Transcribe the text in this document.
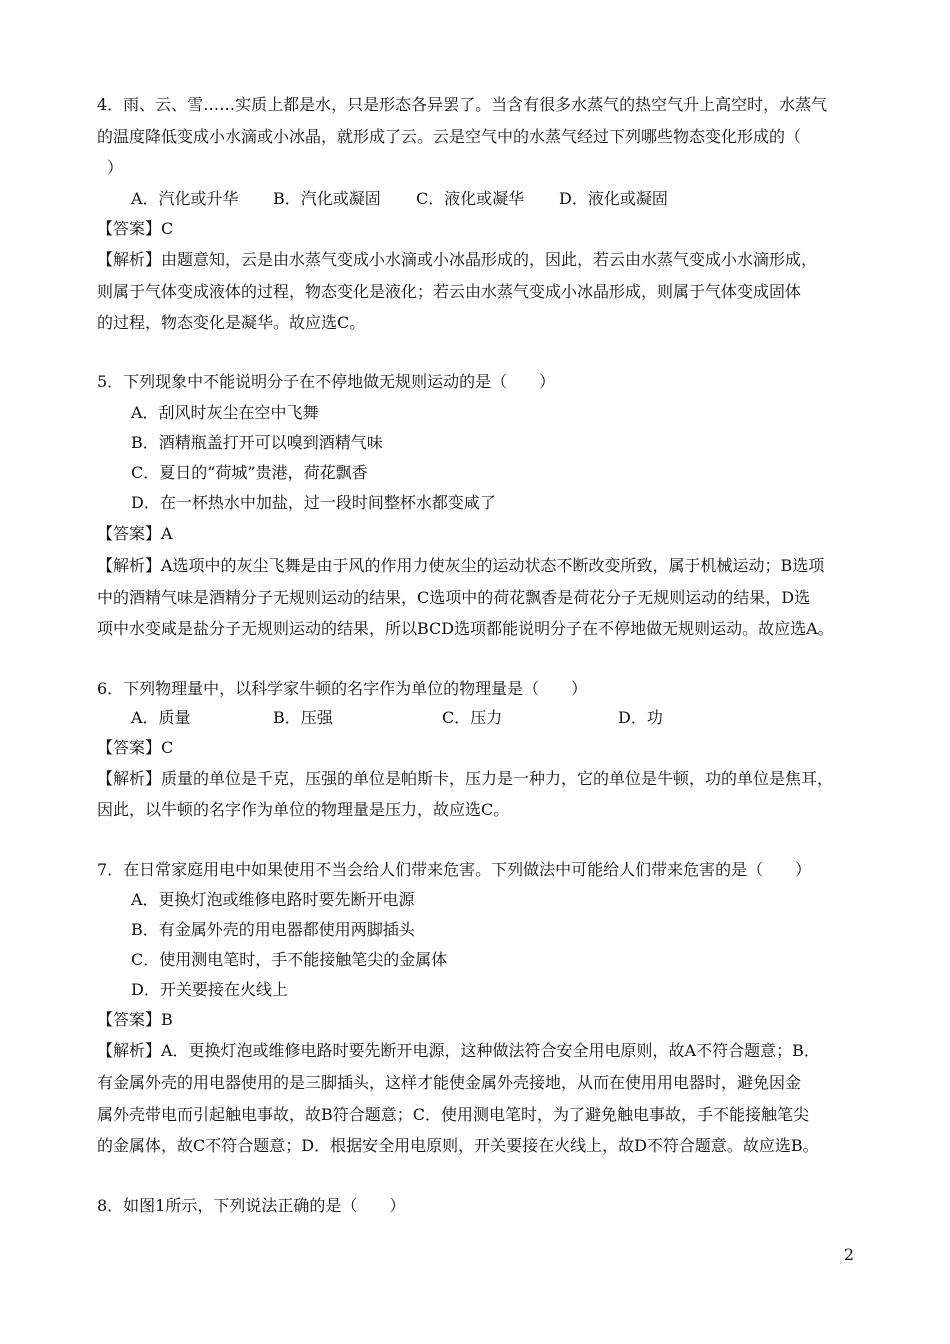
4．雨、云、雪……实质上都是水，只是形态各异罢了。当含有很多水蒸气的热空气升上高空时，水蒸气
的温度降低变成小水滴或小冰晶，就形成了云。云是空气中的水蒸气经过下列哪些物态变化形成的（
）
A．汽化或升华 B．汽化或凝固 C．液化或凝华 D．液化或凝固
【答案】C
【解析】由题意知，云是由水蒸气变成小水滴或小冰晶形成的，因此，若云由水蒸气变成小水滴形成，
则属于气体变成液体的过程，物态变化是液化；若云由水蒸气变成小冰晶形成，则属于气体变成固体
的过程，物态变化是凝华。故应选C。
5．下列现象中不能说明分子在不停地做无规则运动的是（　　）
A．刮风时灰尘在空中飞舞
B．酒精瓶盖打开可以嗅到酒精气味
C．夏日的“荷城”贵港，荷花飘香
D．在一杯热水中加盐，过一段时间整杯水都变咸了
【答案】A
【解析】A选项中的灰尘飞舞是由于风的作用力使灰尘的运动状态不断改变所致，属于机械运动；B选项
中的酒精气味是酒精分子无规则运动的结果，C选项中的荷花飘香是荷花分子无规则运动的结果，D选
项中水变咸是盐分子无规则运动的结果，所以BCD选项都能说明分子在不停地做无规则运动。故应选A。
6．下列物理量中，以科学家牛顿的名字作为单位的物理量是（　　）
A．质量	B．压强	C．压力	D．功
【答案】C
【解析】质量的单位是千克，压强的单位是帕斯卡，压力是一种力，它的单位是牛顿，功的单位是焦耳，
因此，以牛顿的名字作为单位的物理量是压力，故应选C。
7．在日常家庭用电中如果使用不当会给人们带来危害。下列做法中可能给人们带来危害的是（　　）
A．更换灯泡或维修电路时要先断开电源
B．有金属外壳的用电器都使用两脚插头
C．使用测电笔时，手不能接触笔尖的金属体
D．开关要接在火线上
【答案】B
【解析】A．更换灯泡或维修电路时要先断开电源，这种做法符合安全用电原则，故A不符合题意；B．
有金属外壳的用电器使用的是三脚插头，这样才能使金属外壳接地，从而在使用用电器时，避免因金
属外壳带电而引起触电事故，故B符合题意；C．使用测电笔时，为了避免触电事故，手不能接触笔尖
的金属体，故C不符合题意；D．根据安全用电原则，开关要接在火线上，故D不符合题意。故应选B。
8．如图1所示，下列说法正确的是（　　）
2
